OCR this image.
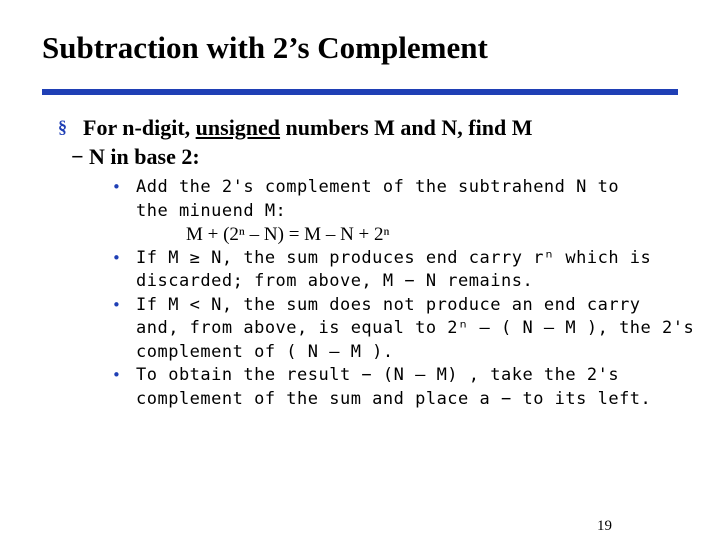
Subtraction with 2’s Complement
§ For n-digit, unsigned numbers M and N, find M
− N in base 2:
• Add the 2's complement of the subtrahend N to
the minuend M:
M + (2ⁿ – N) = M – N + 2ⁿ
• If M ≥ N, the sum produces end carry rⁿ which is
discarded; from above, M − N remains.
• If M < N, the sum does not produce an end carry
and, from above, is equal to 2ⁿ – ( N – M ), the 2's
complement of ( N – M ).
• To obtain the result − (N – M) , take the 2's
complement of the sum and place a − to its left.
19
